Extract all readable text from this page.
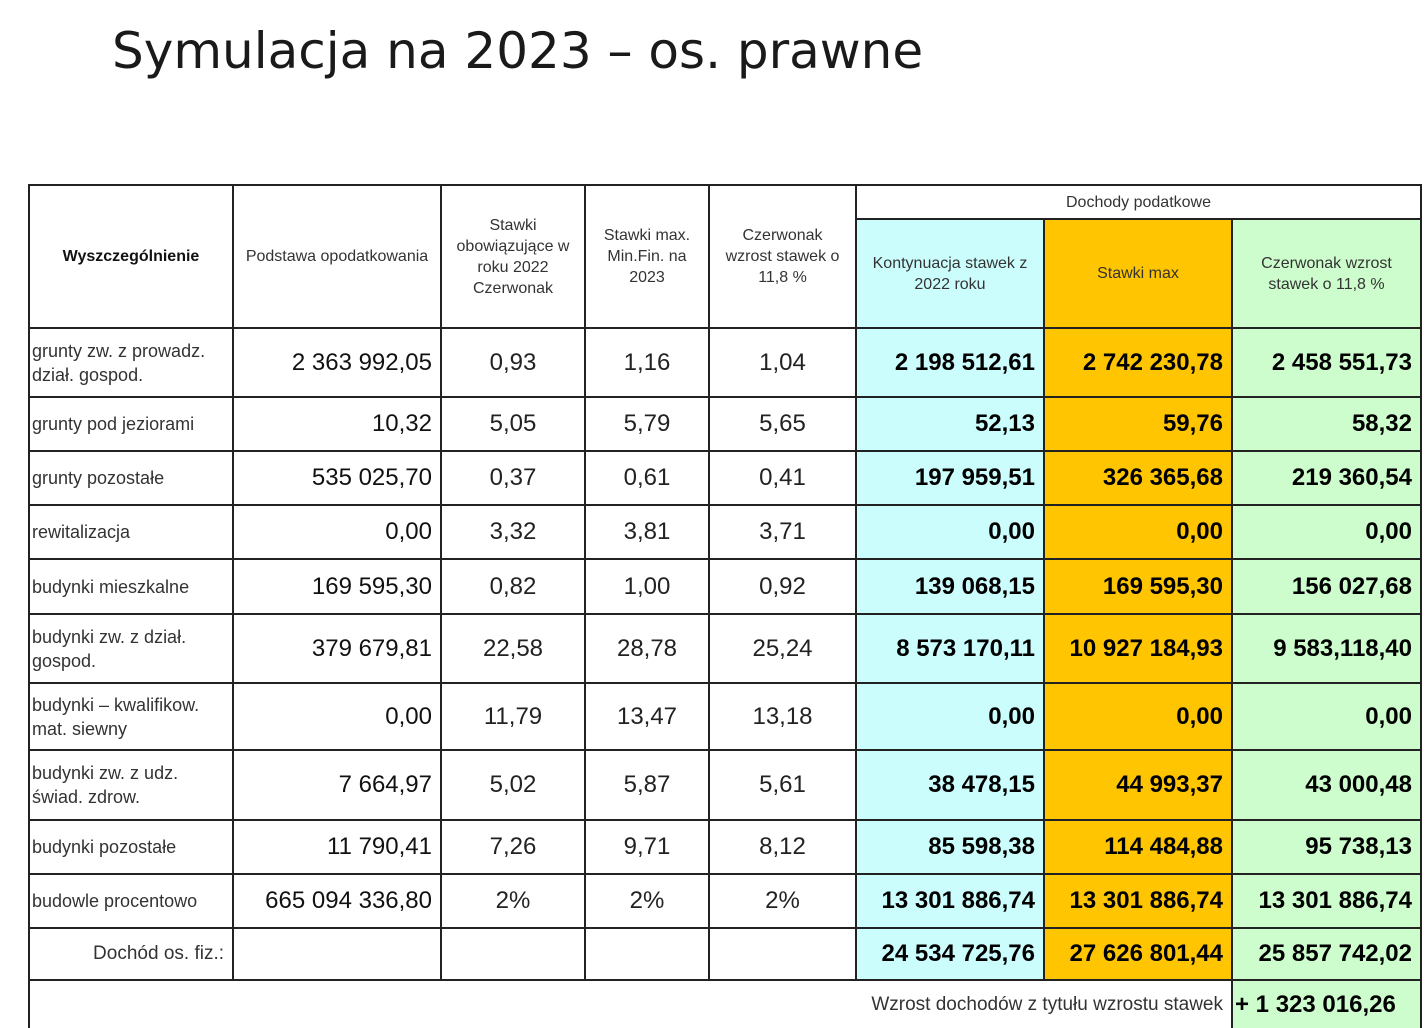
Symulacja na 2023 – os. prawne
Wyszczególnienie	Podstawa opodatkowania	Stawki obowiązujące w roku 2022 Czerwonak	Stawki max. Min.Fin. na 2023	Czerwonak wzrost stawek o 11,8 %	Dochody podatkowe		
					Kontynuacja stawek z 2022 roku	Stawki max	Czerwonak wzrost stawek o 11,8 %
grunty zw. z prowadz. dział. gospod.	2 363 992,05	0,93	1,16	1,04	2 198 512,61	2 742 230,78	2 458 551,73
grunty pod jeziorami	10,32	5,05	5,79	5,65	52,13	59,76	58,32
grunty pozostałe	535 025,70	0,37	0,61	0,41	197 959,51	326 365,68	219 360,54
rewitalizacja	0,00	3,32	3,81	3,71	0,00	0,00	0,00
budynki mieszkalne	169 595,30	0,82	1,00	0,92	139 068,15	169 595,30	156 027,68
budynki zw. z dział. gospod.	379 679,81	22,58	28,78	25,24	8 573 170,11	10 927 184,93	9 583,118,40
budynki – kwalifikow. mat. siewny	0,00	11,79	13,47	13,18	0,00	0,00	0,00
budynki zw. z udz. świad. zdrow.	7 664,97	5,02	5,87	5,61	38 478,15	44 993,37	43 000,48
budynki pozostałe	11 790,41	7,26	9,71	8,12	85 598,38	114 484,88	95 738,13
budowle procentowo	665 094 336,80	2%	2%	2%	13 301 886,74	13 301 886,74	13 301 886,74
Dochód os. fiz.:					24 534 725,76	27 626 801,44	25 857 742,02
Wzrost dochodów z tytułu wzrostu stawek							+ 1 323 016,26
